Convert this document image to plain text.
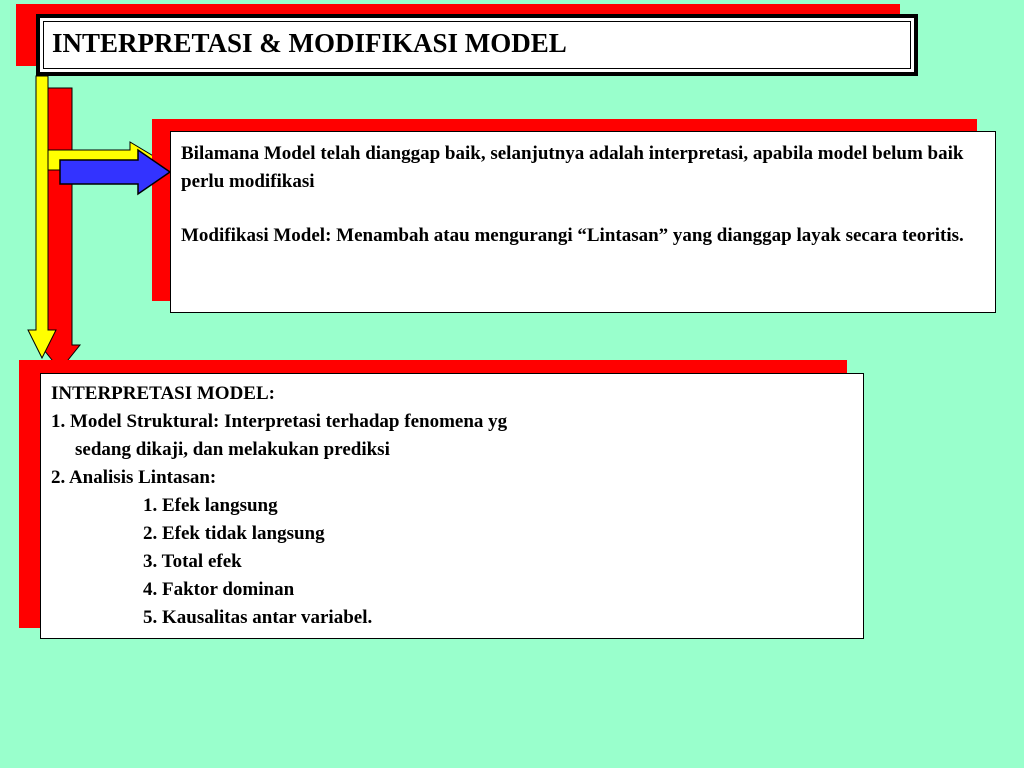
INTERPRETASI & MODIFIKASI MODEL

Bilamana Model telah dianggap baik, selanjutnya adalah interpretasi, apabila model belum baik perlu modifikasi

Modifikasi Model: Menambah atau mengurangi “Lintasan” yang dianggap layak secara teoritis.

INTERPRETASI MODEL:
1. Model Struktural: Interpretasi terhadap fenomena yg
sedang dikaji, dan melakukan prediksi
2. Analisis Lintasan:
1. Efek langsung
2. Efek tidak langsung
3. Total efek
4. Faktor dominan
5. Kausalitas antar variabel.
